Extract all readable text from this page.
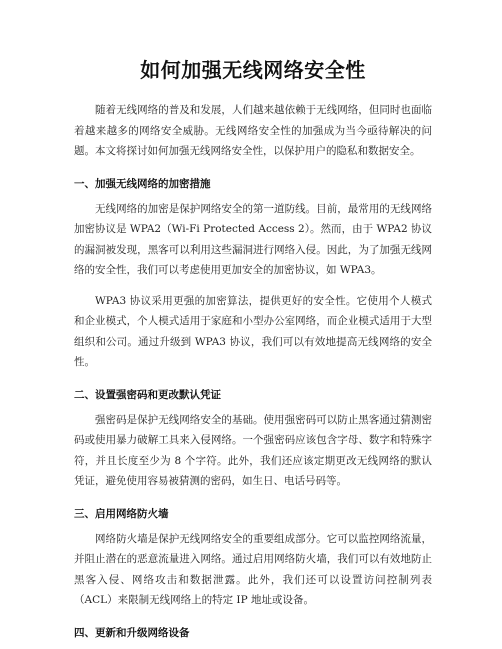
如何加强无线网络安全性

随着无线网络的普及和发展，人们越来越依赖于无线网络，但同时也面临着越来越多的网络安全威胁。无线网络安全性的加强成为当今亟待解决的问题。本文将探讨如何加强无线网络安全性，以保护用户的隐私和数据安全。

一、加强无线网络的加密措施

无线网络的加密是保护网络安全的第一道防线。目前，最常用的无线网络加密协议是 WPA2（Wi-Fi Protected Access 2）。然而，由于 WPA2 协议的漏洞被发现，黑客可以利用这些漏洞进行网络入侵。因此，为了加强无线网络的安全性，我们可以考虑使用更加安全的加密协议，如 WPA3。

WPA3 协议采用更强的加密算法，提供更好的安全性。它使用个人模式和企业模式，个人模式适用于家庭和小型办公室网络，而企业模式适用于大型组织和公司。通过升级到 WPA3 协议，我们可以有效地提高无线网络的安全性。

二、设置强密码和更改默认凭证

强密码是保护无线网络安全的基础。使用强密码可以防止黑客通过猜测密码或使用暴力破解工具来入侵网络。一个强密码应该包含字母、数字和特殊字符，并且长度至少为 8 个字符。此外，我们还应该定期更改无线网络的默认凭证，避免使用容易被猜测的密码，如生日、电话号码等。

三、启用网络防火墙

网络防火墙是保护无线网络安全的重要组成部分。它可以监控网络流量，并阻止潜在的恶意流量进入网络。通过启用网络防火墙，我们可以有效地防止黑客入侵、网络攻击和数据泄露。此外，我们还可以设置访问控制列表（ACL）来限制无线网络上的特定 IP 地址或设备。

四、更新和升级网络设备
